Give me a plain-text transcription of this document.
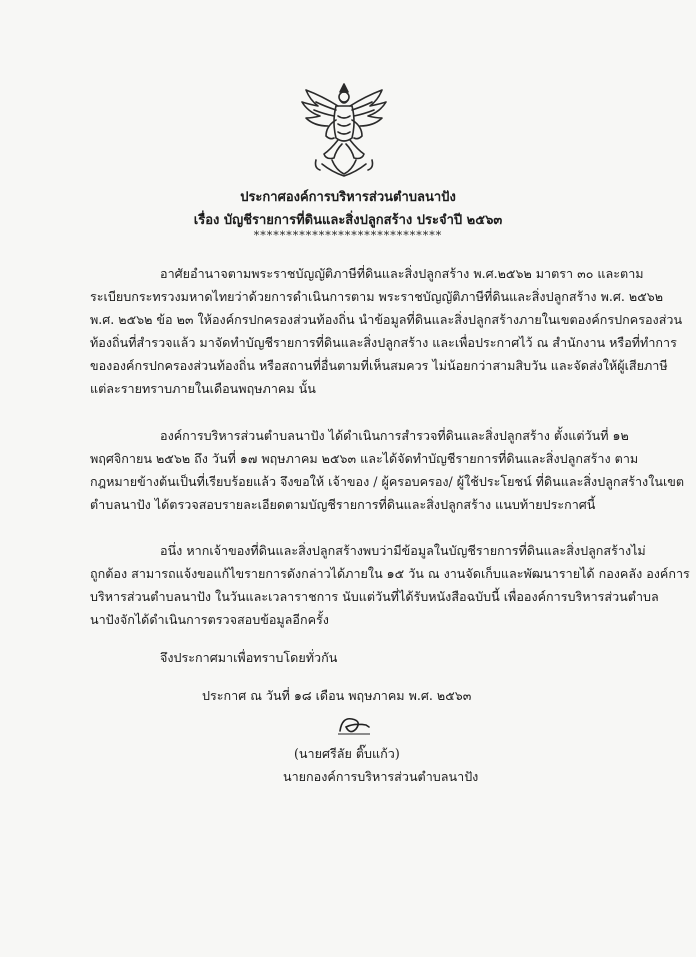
ประกาศองค์การบริหารส่วนตำบลนาปัง
เรื่อง บัญชีรายการที่ดินและสิ่งปลูกสร้าง ประจำปี ๒๕๖๓
*****************************
อาศัยอำนาจตามพระราชบัญญัติภาษีที่ดินและสิ่งปลูกสร้าง พ.ศ.๒๕๖๒ มาตรา ๓๐ และตาม
ระเบียบกระทรวงมหาดไทยว่าด้วยการดำเนินการตาม พระราชบัญญัติภาษีที่ดินและสิ่งปลูกสร้าง พ.ศ. ๒๕๖๒
พ.ศ. ๒๕๖๒ ข้อ ๒๓ ให้องค์กรปกครองส่วนท้องถิ่น นำข้อมูลที่ดินและสิ่งปลูกสร้างภายในเขตองค์กรปกครองส่วน
ท้องถิ่นที่สำรวจแล้ว มาจัดทำบัญชีรายการที่ดินและสิ่งปลูกสร้าง และเพื่อประกาศไว้ ณ สำนักงาน หรือที่ทำการ
ขององค์กรปกครองส่วนท้องถิ่น หรือสถานที่อื่นตามที่เห็นสมควร ไม่น้อยกว่าสามสิบวัน และจัดส่งให้ผู้เสียภาษี
แต่ละรายทราบภายในเดือนพฤษภาคม นั้น
องค์การบริหารส่วนตำบลนาปัง ได้ดำเนินการสำรวจที่ดินและสิ่งปลูกสร้าง ตั้งแต่วันที่ ๑๒
พฤศจิกายน ๒๕๖๒ ถึง วันที่ ๑๗ พฤษภาคม ๒๕๖๓ และได้จัดทำบัญชีรายการที่ดินและสิ่งปลูกสร้าง ตาม
กฎหมายข้างต้นเป็นที่เรียบร้อยแล้ว จึงขอให้ เจ้าของ / ผู้ครอบครอง/ ผู้ใช้ประโยชน์ ที่ดินและสิ่งปลูกสร้างในเขต
ตำบลนาปัง ได้ตรวจสอบรายละเอียดตามบัญชีรายการที่ดินและสิ่งปลูกสร้าง แนบท้ายประกาศนี้
อนึ่ง หากเจ้าของที่ดินและสิ่งปลูกสร้างพบว่ามีข้อมูลในบัญชีรายการที่ดินและสิ่งปลูกสร้างไม่
ถูกต้อง สามารถแจ้งขอแก้ไขรายการดังกล่าวได้ภายใน ๑๕ วัน ณ งานจัดเก็บและพัฒนารายได้ กองคลัง องค์การ
บริหารส่วนตำบลนาปัง ในวันและเวลาราชการ นับแต่วันที่ได้รับหนังสือฉบับนี้ เพื่อองค์การบริหารส่วนตำบล
นาปังจักได้ดำเนินการตรวจสอบข้อมูลอีกครั้ง
จึงประกาศมาเพื่อทราบโดยทั่วกัน
ประกาศ ณ วันที่ ๑๘ เดือน พฤษภาคม พ.ศ. ๒๕๖๓
(นายศรีลัย ติ๊บแก้ว)
นายกองค์การบริหารส่วนตำบลนาปัง
